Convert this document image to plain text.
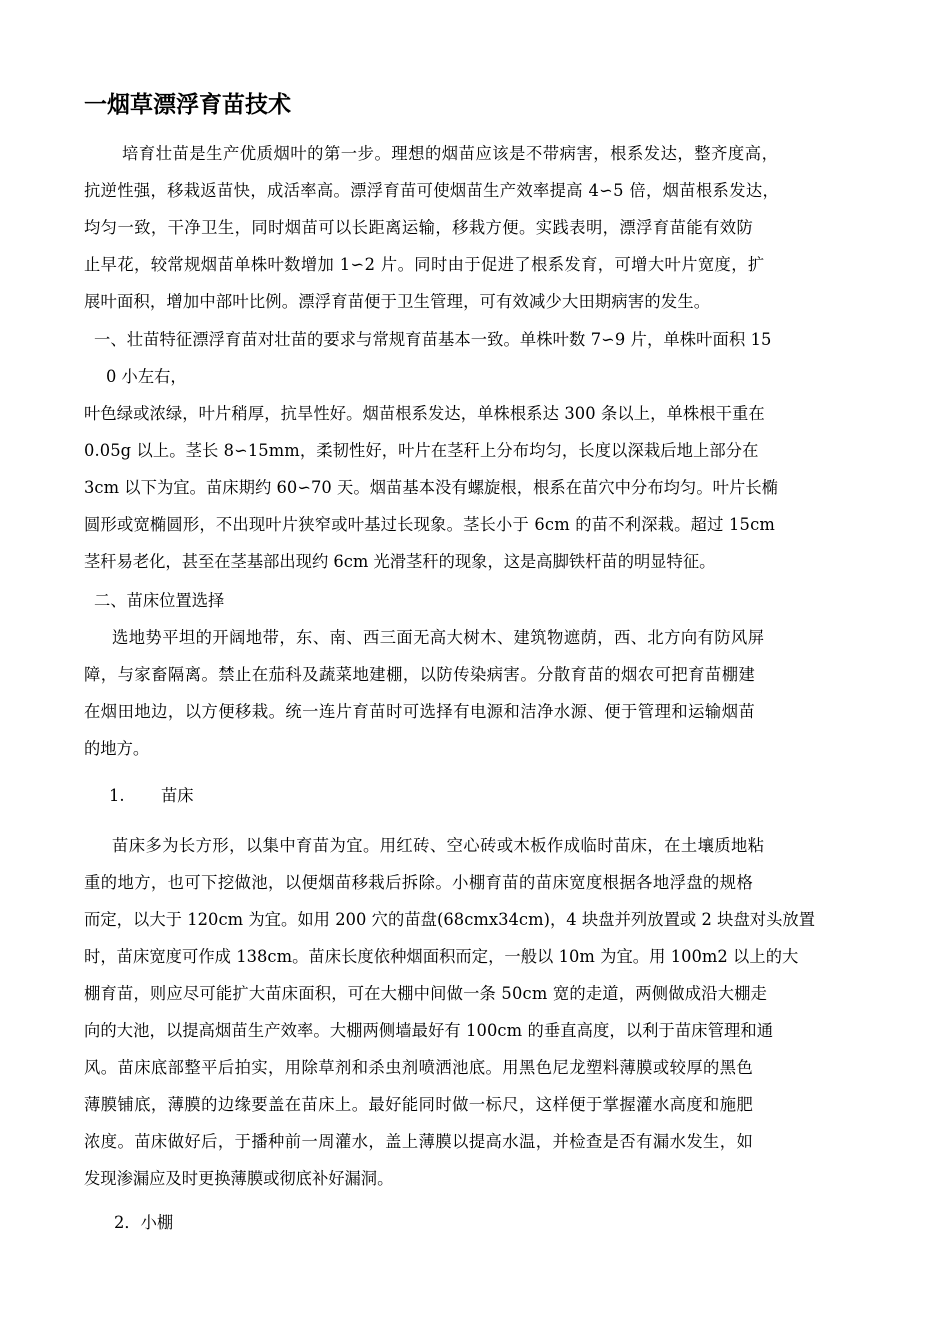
一烟草漂浮育苗技术
培育壮苗是生产优质烟叶的第一步。理想的烟苗应该是不带病害，根系发达，整齐度高，
抗逆性强，移栽返苗快，成活率高。漂浮育苗可使烟苗生产效率提高 4∽5 倍，烟苗根系发达，
均匀一致，干净卫生，同时烟苗可以长距离运输，移栽方便。实践表明，漂浮育苗能有效防
止早花，较常规烟苗单株叶数增加 1∽2 片。同时由于促进了根系发育，可增大叶片宽度，扩
展叶面积，增加中部叶比例。漂浮育苗便于卫生管理，可有效减少大田期病害的发生。
一、壮苗特征漂浮育苗对壮苗的要求与常规育苗基本一致。单株叶数 7∽9 片，单株叶面积 15
0 小左右，
叶色绿或浓绿，叶片稍厚，抗旱性好。烟苗根系发达，单株根系达 300 条以上，单株根干重在
0.05g 以上。茎长 8∽15mm，柔韧性好，叶片在茎秆上分布均匀，长度以深栽后地上部分在
3cm 以下为宜。苗床期约 60∽70 天。烟苗基本没有螺旋根，根系在苗穴中分布均匀。叶片长椭
圆形或宽椭圆形，不出现叶片狭窄或叶基过长现象。茎长小于 6cm 的苗不利深栽。超过 15cm
茎秆易老化，甚至在茎基部出现约 6cm 光滑茎秆的现象，这是高脚铁杆苗的明显特征。
二、苗床位置选择
选地势平坦的开阔地带，东、南、西三面无高大树木、建筑物遮荫，西、北方向有防风屏
障，与家畜隔离。禁止在茄科及蔬菜地建棚，以防传染病害。分散育苗的烟农可把育苗棚建
在烟田地边，以方便移栽。统一连片育苗时可选择有电源和洁净水源、便于管理和运输烟苗
的地方。
1. 苗床
苗床多为长方形，以集中育苗为宜。用红砖、空心砖或木板作成临时苗床，在土壤质地粘
重的地方，也可下挖做池，以便烟苗移栽后拆除。小棚育苗的苗床宽度根据各地浮盘的规格
而定，以大于 120cm 为宜。如用 200 穴的苗盘(68cmx34cm)，4 块盘并列放置或 2 块盘对头放置
时，苗床宽度可作成 138cm。苗床长度依种烟面积而定，一般以 10m 为宜。用 100m2 以上的大
棚育苗，则应尽可能扩大苗床面积，可在大棚中间做一条 50cm 宽的走道，两侧做成沿大棚走
向的大池，以提高烟苗生产效率。大棚两侧墙最好有 100cm 的垂直高度，以利于苗床管理和通
风。苗床底部整平后拍实，用除草剂和杀虫剂喷洒池底。用黑色尼龙塑料薄膜或较厚的黑色
薄膜铺底，薄膜的边缘要盖在苗床上。最好能同时做一标尺，这样便于掌握灌水高度和施肥
浓度。苗床做好后，于播种前一周灌水，盖上薄膜以提高水温，并检查是否有漏水发生，如
发现渗漏应及时更换薄膜或彻底补好漏洞。
2．小棚
